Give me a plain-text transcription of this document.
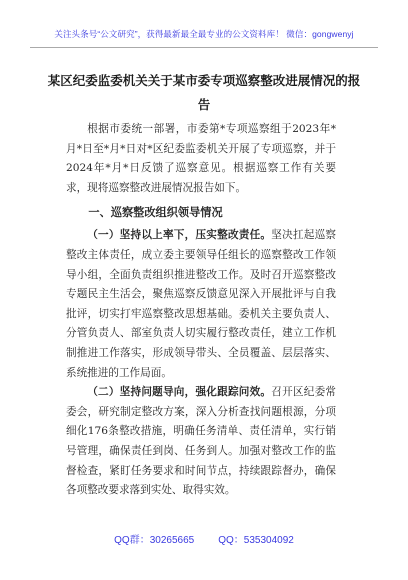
关注头条号“公文研究”，获得最新最全最专业的公文资料库！ 微信：gongwenyj
某区纪委监委机关关于某市委专项巡察整改进展情况的报告

根据市委统一部署，市委第*专项巡察组于2023年*月*日至*月*日对*区纪委监委机关开展了专项巡察，并于2024年*月*日反馈了巡察意见。根据巡察工作有关要求，现将巡察整改进展情况报告如下。

一、巡察整改组织领导情况

（一）坚持以上率下，压实整改责任。坚决扛起巡察整改主体责任，成立委主要领导任组长的巡察整改工作领导小组，全面负责组织推进整改工作。及时召开巡察整改专题民主生活会，聚焦巡察反馈意见深入开展批评与自我批评，切实打牢巡察整改思想基础。委机关主要负责人、分管负责人、部室负责人切实履行整改责任，建立工作机制推进工作落实，形成领导带头、全员覆盖、层层落实、系统推进的工作局面。

（二）坚持问题导向，强化跟踪问效。召开区纪委常委会，研究制定整改方案，深入分析查找问题根源，分项细化176条整改措施，明确任务清单、责任清单，实行销号管理，确保责任到岗、任务到人。加强对整改工作的监督检查，紧盯任务要求和时间节点，持续跟踪督办，确保各项整改要求落到实处、取得实效。

QQ群：30265665 QQ：535304092
